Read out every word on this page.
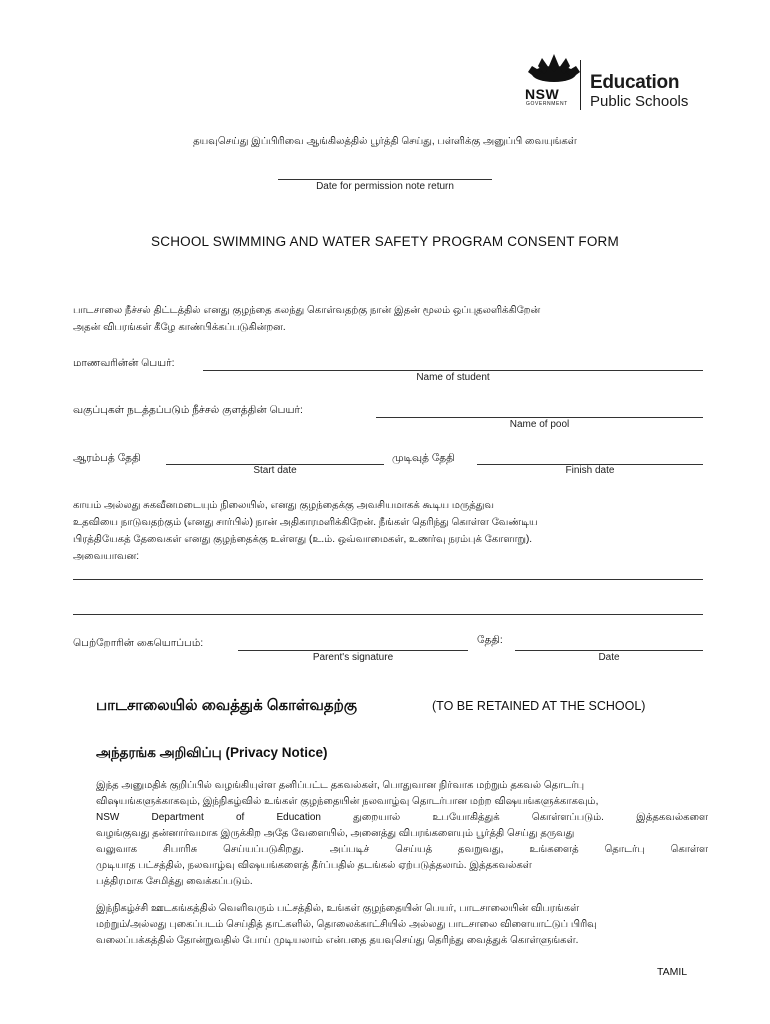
NSW
GOVERNMENT
Education
Public Schools
தயவுசெய்து இப்பிரிவை ஆங்கிலத்தில் பூர்த்தி செய்து, பள்ளிக்கு அனுப்பி வையுங்கள்
Date for permission note return
SCHOOL SWIMMING AND WATER SAFETY PROGRAM CONSENT FORM
பாடசாலை நீச்சல் திட்டத்தில் எனது குழந்தை கலந்து கொள்வதற்கு நான் இதன் மூலம் ஒப்புதலளிக்கிறேன்
அதன் விபரங்கள் கீழே காண்பிக்கப்படுகின்றன.
மாணவரின்ன் பெயர்:
Name of student
வகுப்புகள் நடத்தப்படும் நீச்சல் குளத்தின் பெயர்:
Name of pool
ஆரம்பத் தேதி
Start date
முடிவுத் தேதி
Finish date
காயம் அல்லது சுகவீனமடையும் நிலையில், எனது குழந்தைக்கு அவசியமாகக் கூடிய மருத்துவ
உதவியை நாடுவதற்கும் (எனது சார்பில்) நான் அதிகாரமளிக்கிறேன். நீங்கள் தெரிந்து கொள்ள வேண்டிய
பிரத்தியேகத் தேவைகள் எனது குழந்தைக்கு உள்ளது (உ.ம். ஒவ்வாமைகள், உணர்வு நரம்புக் கோளாறு).
அவையாவன:
பெற்றோரின் கையொப்பம்:
Parent's signature
தேதி:
Date
பாடசாலையில் வைத்துக் கொள்வதற்கு	(TO BE RETAINED AT THE SCHOOL)
அந்தரங்க அறிவிப்பு (Privacy Notice)
இந்த அனுமதிக் குறிப்பில் வழங்கியுள்ள தனிப்பட்ட தகவல்கள், பொதுவான நிர்வாக மற்றும் தகவல் தொடர்பு
விஷயங்களுக்காகவும், இந்நிகழ்வில் உங்கள் குழந்தையின் நலவாழ்வு தொடர்பான மற்ற விஷயங்களுக்காகவும்,
NSW Department of Education துறையால் உபயோகித்துக் கொள்ளப்படும். இத்தகவல்களை
வழங்குவது தன்னார்வமாக இருக்கிற அதே வேளையில், அனைத்து விபரங்களையும் பூர்த்தி செய்து தருவது
வலுவாக சிபாரிசு செய்யப்படுகிறது. அப்படிச் செய்யத் தவறுவது, உங்களைத் தொடர்பு கொள்ள
முடியாத பட்சத்தில், நலவாழ்வு விஷயங்களைத் தீர்ப்பதில் தடங்கல் ஏற்படுத்தலாம். இத்தகவல்கள்
பத்திரமாக சேமித்து வைக்கப்படும்.
இந்நிகழ்ச்சி ஊடகங்கத்தில் வெளிவரும் பட்சத்தில், உங்கள் குழந்தையின் பெயர், பாடசாலையின் விபரங்கள்
மற்றும்/அல்லது புகைப்படம் செய்தித் தாட்களில், தொலைக்காட்சியில் அல்லது பாடசாலை விளையாட்டுப் பிரிவு
வலைப்பக்கத்தில் தோன்றுவதில் போய் முடியலாம் என்பதை தயவுசெய்து தெரிந்து வைத்துக் கொள்ளுங்கள்.
TAMIL
